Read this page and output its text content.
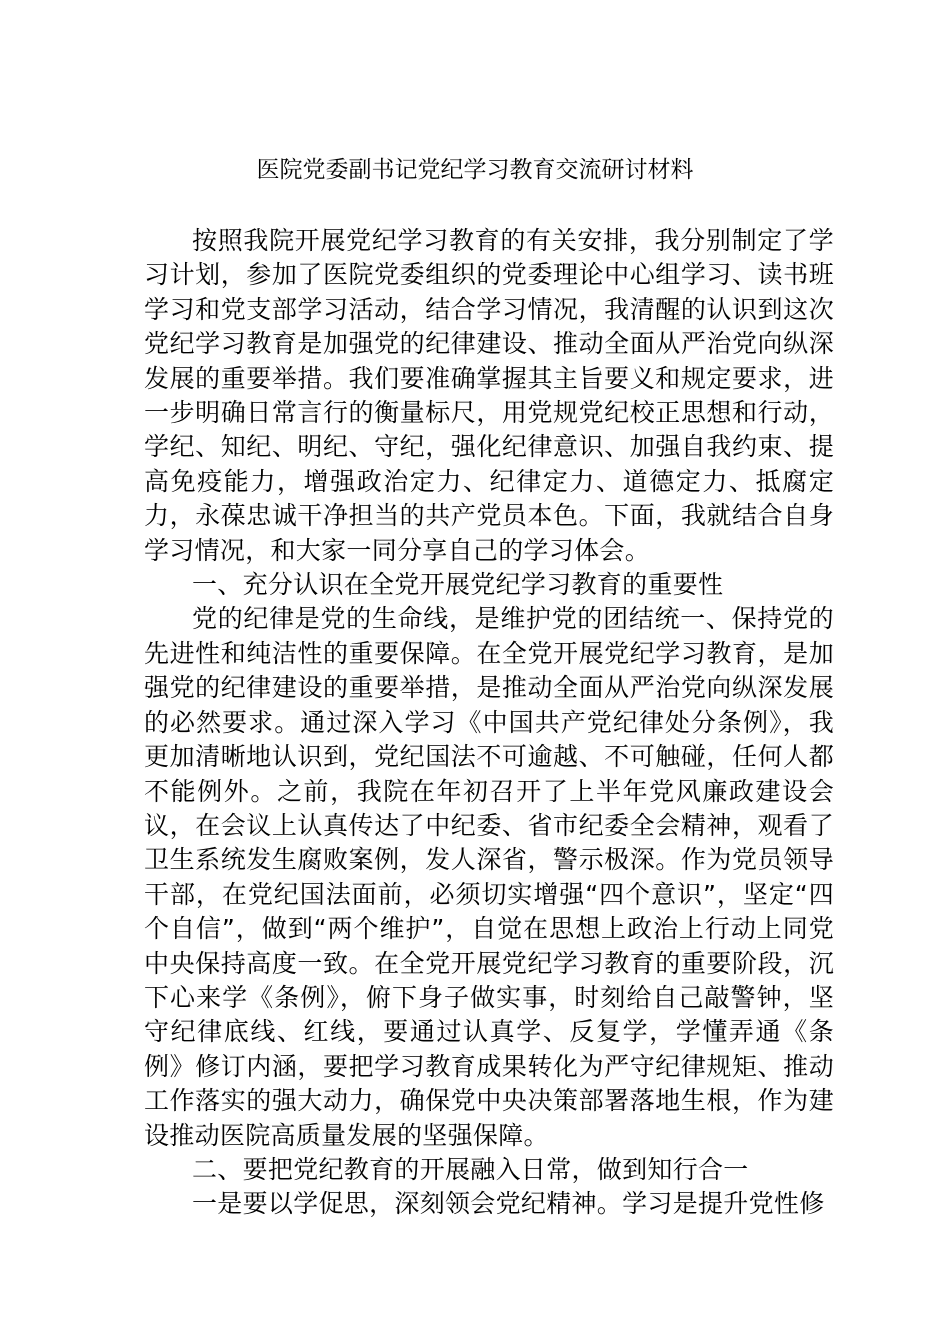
医院党委副书记党纪学习教育交流研讨材料

按照我院开展党纪学习教育的有关安排，我分别制定了学习计划，参加了医院党委组织的党委理论中心组学习、读书班学习和党支部学习活动，结合学习情况，我清醒的认识到这次党纪学习教育是加强党的纪律建设、推动全面从严治党向纵深发展的重要举措。我们要准确掌握其主旨要义和规定要求，进一步明确日常言行的衡量标尺，用党规党纪校正思想和行动，学纪、知纪、明纪、守纪，强化纪律意识、加强自我约束、提高免疫能力，增强政治定力、纪律定力、道德定力、抵腐定力，永葆忠诚干净担当的共产党员本色。下面，我就结合自身学习情况，和大家一同分享自己的学习体会。

一、充分认识在全党开展党纪学习教育的重要性

党的纪律是党的生命线，是维护党的团结统一、保持党的先进性和纯洁性的重要保障。在全党开展党纪学习教育，是加强党的纪律建设的重要举措，是推动全面从严治党向纵深发展的必然要求。通过深入学习《中国共产党纪律处分条例》，我更加清晰地认识到，党纪国法不可逾越、不可触碰，任何人都不能例外。之前，我院在年初召开了上半年党风廉政建设会议，在会议上认真传达了中纪委、省市纪委全会精神，观看了卫生系统发生腐败案例，发人深省，警示极深。作为党员领导干部，在党纪国法面前，必须切实增强“四个意识”，坚定“四个自信”，做到“两个维护”，自觉在思想上政治上行动上同党中央保持高度一致。在全党开展党纪学习教育的重要阶段，沉下心来学《条例》，俯下身子做实事，时刻给自己敲警钟，坚守纪律底线、红线，要通过认真学、反复学，学懂弄通《条例》修订内涵，要把学习教育成果转化为严守纪律规矩、推动工作落实的强大动力，确保党中央决策部署落地生根，作为建设推动医院高质量发展的坚强保障。

二、要把党纪教育的开展融入日常，做到知行合一

一是要以学促思，深刻领会党纪精神。学习是提升党性修
